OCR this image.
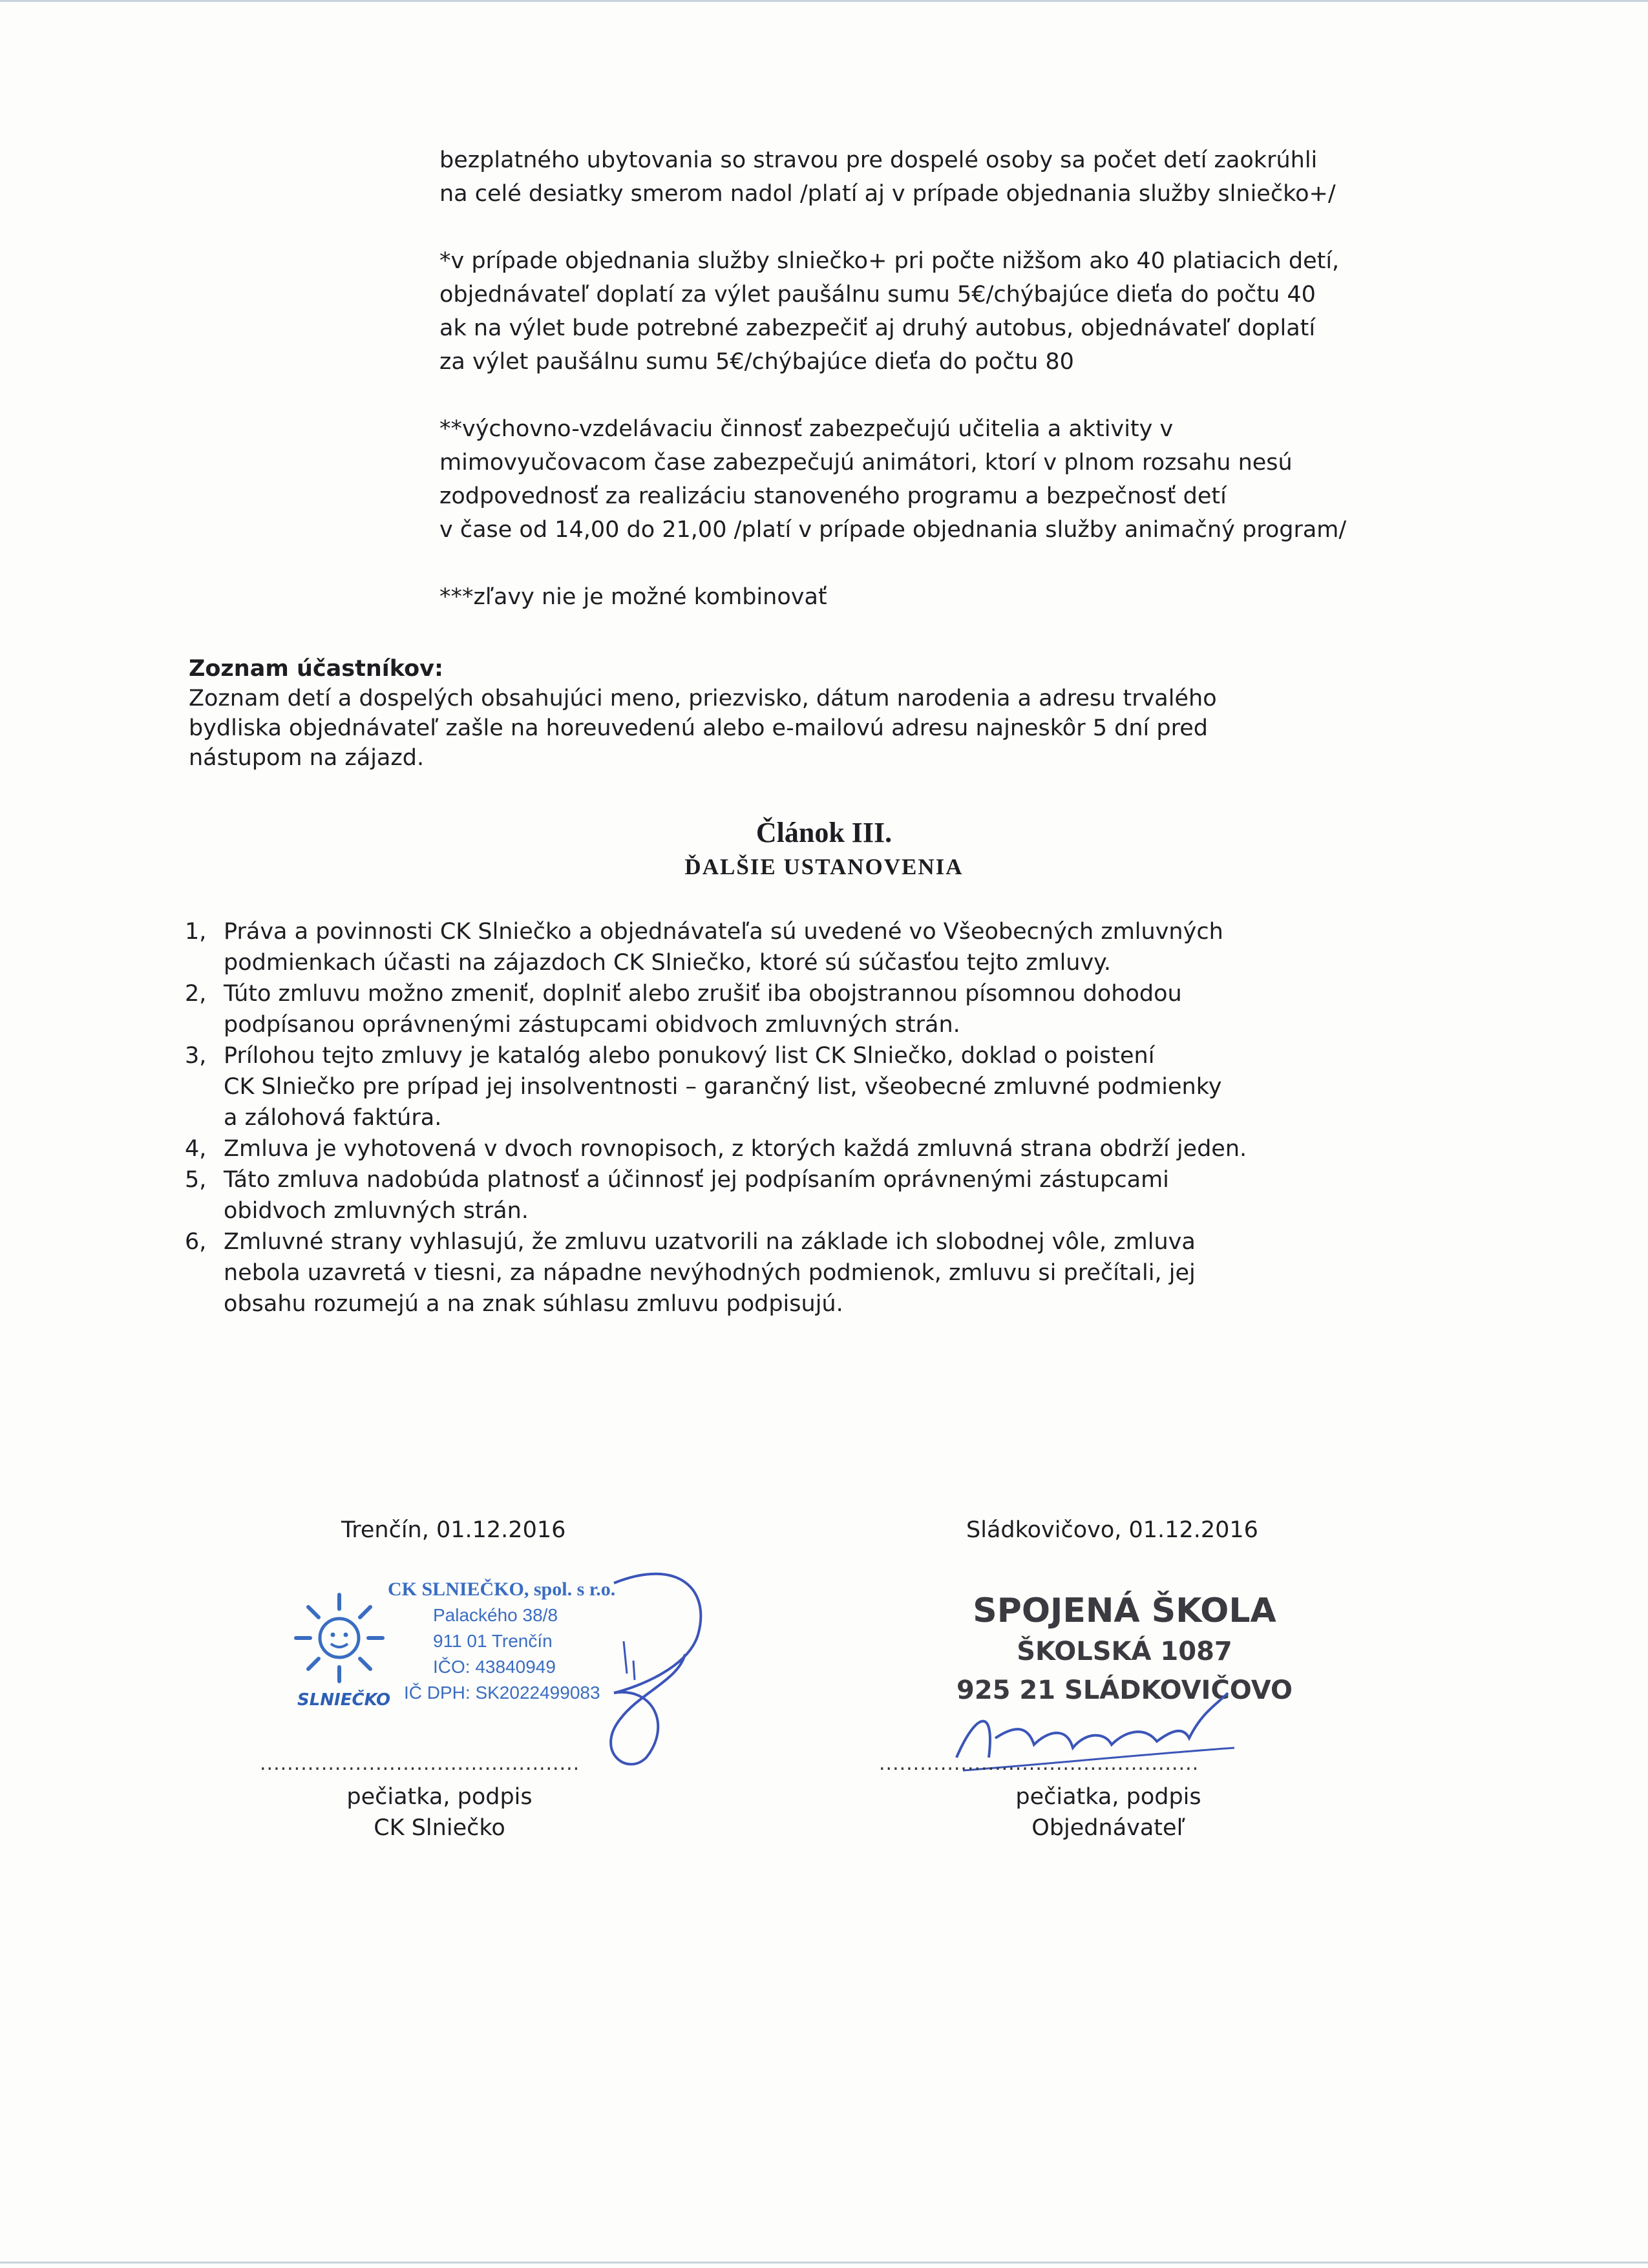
bezplatného ubytovania so stravou pre dospelé osoby sa počet detí zaokrúhli
na celé desiatky smerom nadol /platí aj v prípade objednania služby slniečko+/

*v prípade objednania služby slniečko+ pri počte nižšom ako 40 platiacich detí,
objednávateľ doplatí za výlet paušálnu sumu 5€/chýbajúce dieťa do počtu 40
ak na výlet bude potrebné zabezpečiť aj druhý autobus, objednávateľ doplatí
za výlet paušálnu sumu 5€/chýbajúce dieťa do počtu 80

**výchovno-vzdelávaciu činnosť zabezpečujú učitelia a aktivity v
mimovyučovacom čase zabezpečujú animátori, ktorí v plnom rozsahu nesú
zodpovednosť za realizáciu stanoveného programu a bezpečnosť detí
v čase od 14,00 do 21,00 /platí v prípade objednania služby animačný program/

***zľavy nie je možné kombinovať

Zoznam účastníkov:
Zoznam detí a dospelých obsahujúci meno, priezvisko, dátum narodenia a adresu trvalého
bydliska objednávateľ zašle na horeuvedenú alebo e-mailovú adresu najneskôr 5 dní pred
nástupom na zájazd.
Článok III.
ĎALŠIE USTANOVENIA
1, Práva a povinnosti CK Slniečko a objednávateľa sú uvedené vo Všeobecných zmluvných
podmienkach účasti na zájazdoch CK Slniečko, ktoré sú súčasťou tejto zmluvy.
2, Túto zmluvu možno zmeniť, doplniť alebo zrušiť iba obojstrannou písomnou dohodou
podpísanou oprávnenými zástupcami obidvoch zmluvných strán.
3, Prílohou tejto zmluvy je katalóg alebo ponukový list CK Slniečko, doklad o poistení
CK Slniečko pre prípad jej insolventnosti – garančný list, všeobecné zmluvné podmienky
a zálohová faktúra.
4, Zmluva je vyhotovená v dvoch rovnopisoch, z ktorých každá zmluvná strana obdrží jeden.
5, Táto zmluva nadobúda platnosť a účinnosť jej podpísaním oprávnenými zástupcami
obidvoch zmluvných strán.
6, Zmluvné strany vyhlasujú, že zmluvu uzatvorili na základe ich slobodnej vôle, zmluva
nebola uzavretá v tiesni, za nápadne nevýhodných podmienok, zmluvu si prečítali, jej
obsahu rozumejú a na znak súhlasu zmluvu podpisujú.
Trenčín, 01.12.2016
SLNIEČKO
CK SLNIEČKO, spol. s r.o.
Palackého 38/8
911 01 Trenčín
IČO: 43840949
IČ DPH: SK2022499083
...............................................
pečiatka, podpis
CK Slniečko
Sládkovičovo, 01.12.2016
SPOJENÁ ŠKOLA
ŠKOLSKÁ 1087
925 21 SLÁDKOVIČOVO
...............................................
pečiatka, podpis
Objednávateľ
